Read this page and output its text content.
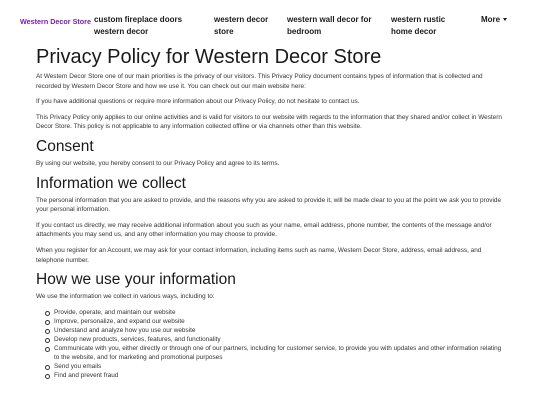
Western Decor Store custom fireplace doors western decor
western decor store
western wall decor for bedroom
western rustic home decor
More
Privacy Policy for Western Decor Store

At Western Decor Store one of our main priorities is the privacy of our visitors. This Privacy Policy document contains types of information that is collected and recorded by Western Decor Store and how we use it. You can check out our main website here:

If you have additional questions or require more information about our Privacy Policy, do not hesitate to contact us.

This Privacy Policy only applies to our online activities and is valid for visitors to our website with regards to the information that they shared and/or collect in Western Decor Store. This policy is not applicable to any information collected offline or via channels other than this website.

Consent

By using our website, you hereby consent to our Privacy Policy and agree to its terms.

Information we collect

The personal information that you are asked to provide, and the reasons why you are asked to provide it, will be made clear to you at the point we ask you to provide your personal information.

If you contact us directly, we may receive additional information about you such as your name, email address, phone number, the contents of the message and/or attachments you may send us, and any other information you may choose to provide.

When you register for an Account, we may ask for your contact information, including items such as name, Western Decor Store, address, email address, and telephone number.

How we use your information

We use the information we collect in various ways, including to:

Provide, operate, and maintain our website
Improve, personalize, and expand our website
Understand and analyze how you use our website
Develop new products, services, features, and functionality
Communicate with you, either directly or through one of our partners, including for customer service, to provide you with updates and other information relating to the website, and for marketing and promotional purposes
Send you emails
Find and prevent fraud
